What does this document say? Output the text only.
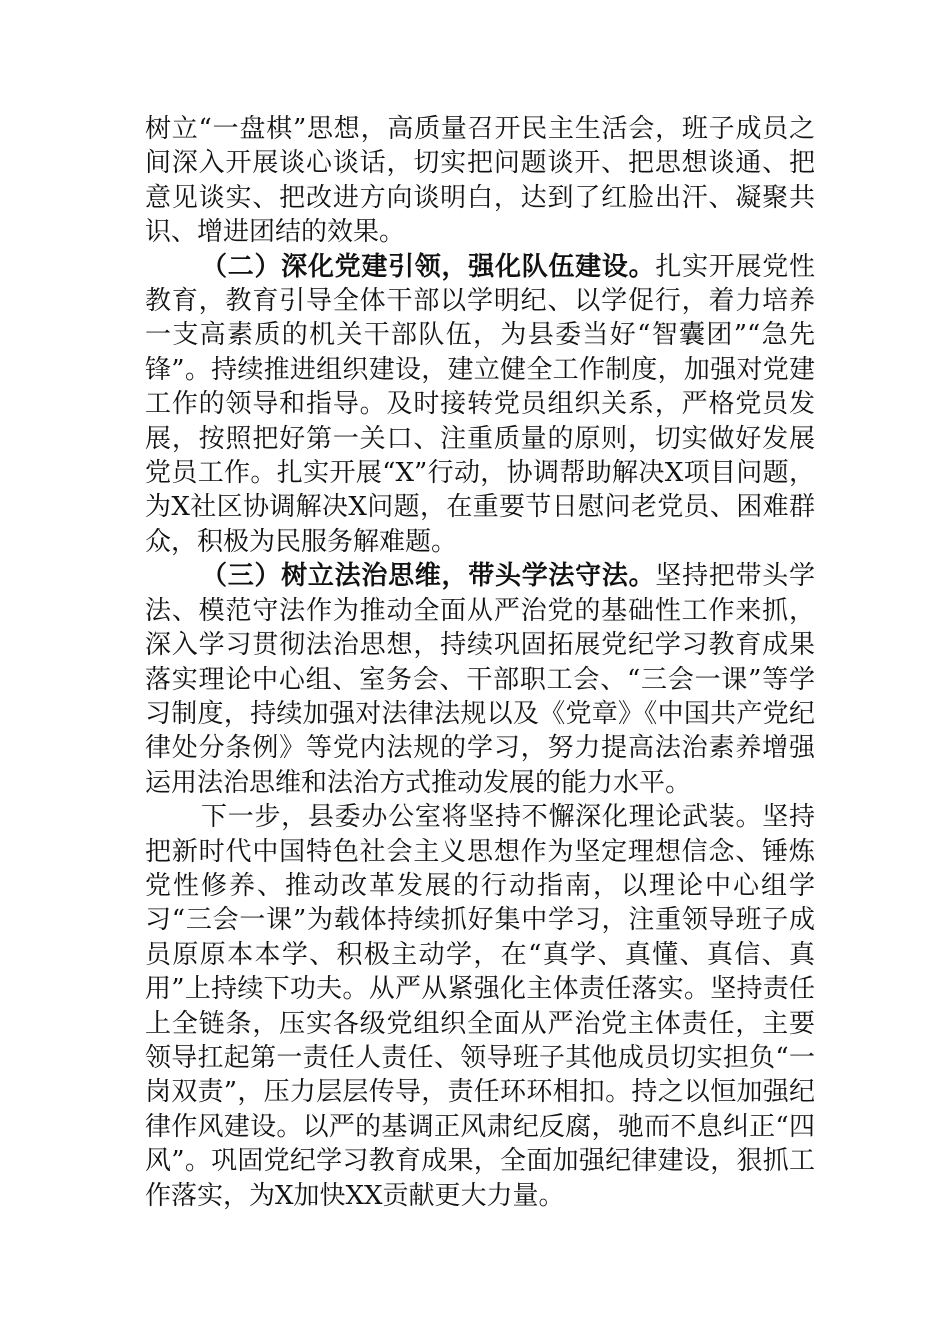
树立“一盘棋”思想，高质量召开民主生活会，班子成员之间深入开展谈心谈话，切实把问题谈开、把思想谈通、把意见谈实、把改进方向谈明白，达到了红脸出汗、凝聚共识、增进团结的效果。

（二）深化党建引领，强化队伍建设。扎实开展党性教育，教育引导全体干部以学明纪、以学促行，着力培养一支高素质的机关干部队伍，为县委当好“智囊团”“急先锋”。持续推进组织建设，建立健全工作制度，加强对党建工作的领导和指导。及时接转党员组织关系，严格党员发展，按照把好第一关口、注重质量的原则，切实做好发展党员工作。扎实开展“X”行动，协调帮助解决X项目问题，为X社区协调解决X问题，在重要节日慰问老党员、困难群众，积极为民服务解难题。

（三）树立法治思维，带头学法守法。坚持把带头学法、模范守法作为推动全面从严治党的基础性工作来抓，深入学习贯彻法治思想，持续巩固拓展党纪学习教育成果落实理论中心组、室务会、干部职工会、“三会一课”等学习制度，持续加强对法律法规以及《党章》《中国共产党纪律处分条例》等党内法规的学习，努力提高法治素养增强运用法治思维和法治方式推动发展的能力水平。

下一步，县委办公室将坚持不懈深化理论武装。坚持把新时代中国特色社会主义思想作为坚定理想信念、锤炼党性修养、推动改革发展的行动指南，以理论中心组学习“三会一课”为载体持续抓好集中学习，注重领导班子成员原原本本学、积极主动学，在“真学、真懂、真信、真用”上持续下功夫。从严从紧强化主体责任落实。坚持责任上全链条，压实各级党组织全面从严治党主体责任，主要领导扛起第一责任人责任、领导班子其他成员切实担负“一岗双责”，压力层层传导，责任环环相扣。持之以恒加强纪律作风建设。以严的基调正风肃纪反腐，驰而不息纠正“四风”。巩固党纪学习教育成果，全面加强纪律建设，狠抓工作落实，为X加快XX贡献更大力量。
